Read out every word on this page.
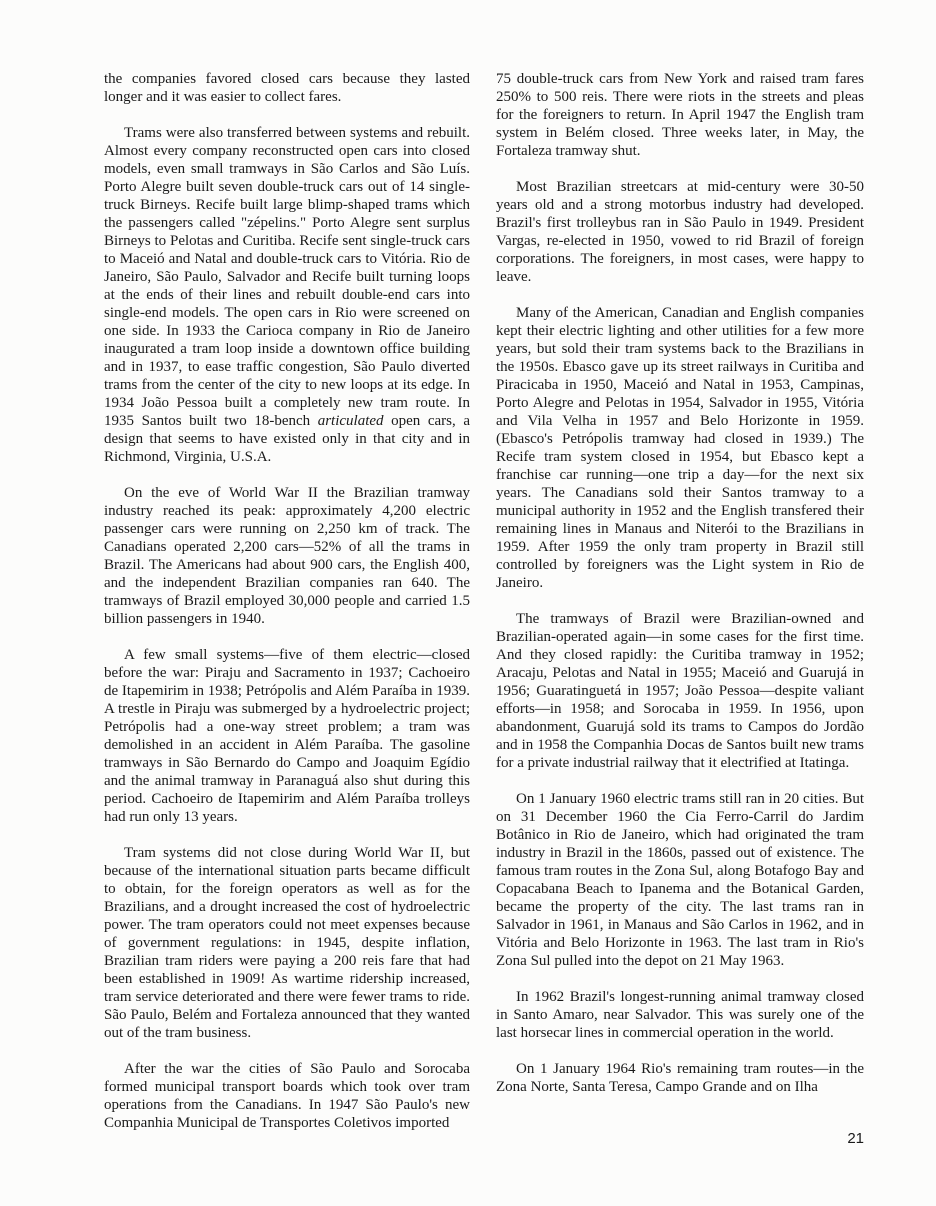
the companies favored closed cars because they lasted longer and it was easier to collect fares.

Trams were also transferred between systems and rebuilt. Almost every company reconstructed open cars into closed models, even small tramways in São Carlos and São Luís. Porto Alegre built seven double-truck cars out of 14 single-truck Birneys. Recife built large blimp-shaped trams which the passengers called "zépelins." Porto Alegre sent surplus Birneys to Pelotas and Curitiba. Recife sent single-truck cars to Maceió and Natal and double-truck cars to Vitória. Rio de Janeiro, São Paulo, Salvador and Recife built turning loops at the ends of their lines and rebuilt double-end cars into single-end models. The open cars in Rio were screened on one side. In 1933 the Carioca company in Rio de Janeiro inaugurated a tram loop inside a downtown office building and in 1937, to ease traffic congestion, São Paulo diverted trams from the center of the city to new loops at its edge. In 1934 João Pessoa built a completely new tram route. In 1935 Santos built two 18-bench articulated open cars, a design that seems to have existed only in that city and in Richmond, Virginia, U.S.A.

On the eve of World War II the Brazilian tramway industry reached its peak: approximately 4,200 electric passenger cars were running on 2,250 km of track. The Canadians operated 2,200 cars—52% of all the trams in Brazil. The Americans had about 900 cars, the English 400, and the independent Brazilian companies ran 640. The tramways of Brazil employed 30,000 people and carried 1.5 billion passengers in 1940.

A few small systems—five of them electric—closed before the war: Piraju and Sacramento in 1937; Cachoeiro de Itapemirim in 1938; Petrópolis and Além Paraíba in 1939. A trestle in Piraju was submerged by a hydroelectric project; Petrópolis had a one-way street problem; a tram was demolished in an accident in Além Paraíba. The gasoline tramways in São Bernardo do Campo and Joaquim Egídio and the animal tramway in Paranaguá also shut during this period. Cachoeiro de Itapemirim and Além Paraíba trolleys had run only 13 years.

Tram systems did not close during World War II, but because of the international situation parts became difficult to obtain, for the foreign operators as well as for the Brazilians, and a drought increased the cost of hydroelectric power. The tram operators could not meet expenses because of government regulations: in 1945, despite inflation, Brazilian tram riders were paying a 200 reis fare that had been established in 1909! As wartime ridership increased, tram service deteriorated and there were fewer trams to ride. São Paulo, Belém and Fortaleza announced that they wanted out of the tram business.

After the war the cities of São Paulo and Sorocaba formed municipal transport boards which took over tram operations from the Canadians. In 1947 São Paulo's new Companhia Municipal de Transportes Coletivos imported

75 double-truck cars from New York and raised tram fares 250% to 500 reis. There were riots in the streets and pleas for the foreigners to return. In April 1947 the English tram system in Belém closed. Three weeks later, in May, the Fortaleza tramway shut.

Most Brazilian streetcars at mid-century were 30-50 years old and a strong motorbus industry had developed. Brazil's first trolleybus ran in São Paulo in 1949. President Vargas, re-elected in 1950, vowed to rid Brazil of foreign corporations. The foreigners, in most cases, were happy to leave.

Many of the American, Canadian and English companies kept their electric lighting and other utilities for a few more years, but sold their tram systems back to the Brazilians in the 1950s. Ebasco gave up its street railways in Curitiba and Piracicaba in 1950, Maceió and Natal in 1953, Campinas, Porto Alegre and Pelotas in 1954, Salvador in 1955, Vitória and Vila Velha in 1957 and Belo Horizonte in 1959. (Ebasco's Petrópolis tramway had closed in 1939.) The Recife tram system closed in 1954, but Ebasco kept a franchise car running—one trip a day—for the next six years. The Canadians sold their Santos tramway to a municipal authority in 1952 and the English transfered their remaining lines in Manaus and Niterói to the Brazilians in 1959. After 1959 the only tram property in Brazil still controlled by foreigners was the Light system in Rio de Janeiro.

The tramways of Brazil were Brazilian-owned and Brazilian-operated again—in some cases for the first time. And they closed rapidly: the Curitiba tramway in 1952; Aracaju, Pelotas and Natal in 1955; Maceió and Guarujá in 1956; Guaratinguetá in 1957; João Pessoa—despite valiant efforts—in 1958; and Sorocaba in 1959. In 1956, upon abandonment, Guarujá sold its trams to Campos do Jordão and in 1958 the Companhia Docas de Santos built new trams for a private industrial railway that it electrified at Itatinga.

On 1 January 1960 electric trams still ran in 20 cities. But on 31 December 1960 the Cia Ferro-Carril do Jardim Botânico in Rio de Janeiro, which had originated the tram industry in Brazil in the 1860s, passed out of existence. The famous tram routes in the Zona Sul, along Botafogo Bay and Copacabana Beach to Ipanema and the Botanical Garden, became the property of the city. The last trams ran in Salvador in 1961, in Manaus and São Carlos in 1962, and in Vitória and Belo Horizonte in 1963. The last tram in Rio's Zona Sul pulled into the depot on 21 May 1963.

In 1962 Brazil's longest-running animal tramway closed in Santo Amaro, near Salvador. This was surely one of the last horsecar lines in commercial operation in the world.

On 1 January 1964 Rio's remaining tram routes—in the Zona Norte, Santa Teresa, Campo Grande and on Ilha

21
